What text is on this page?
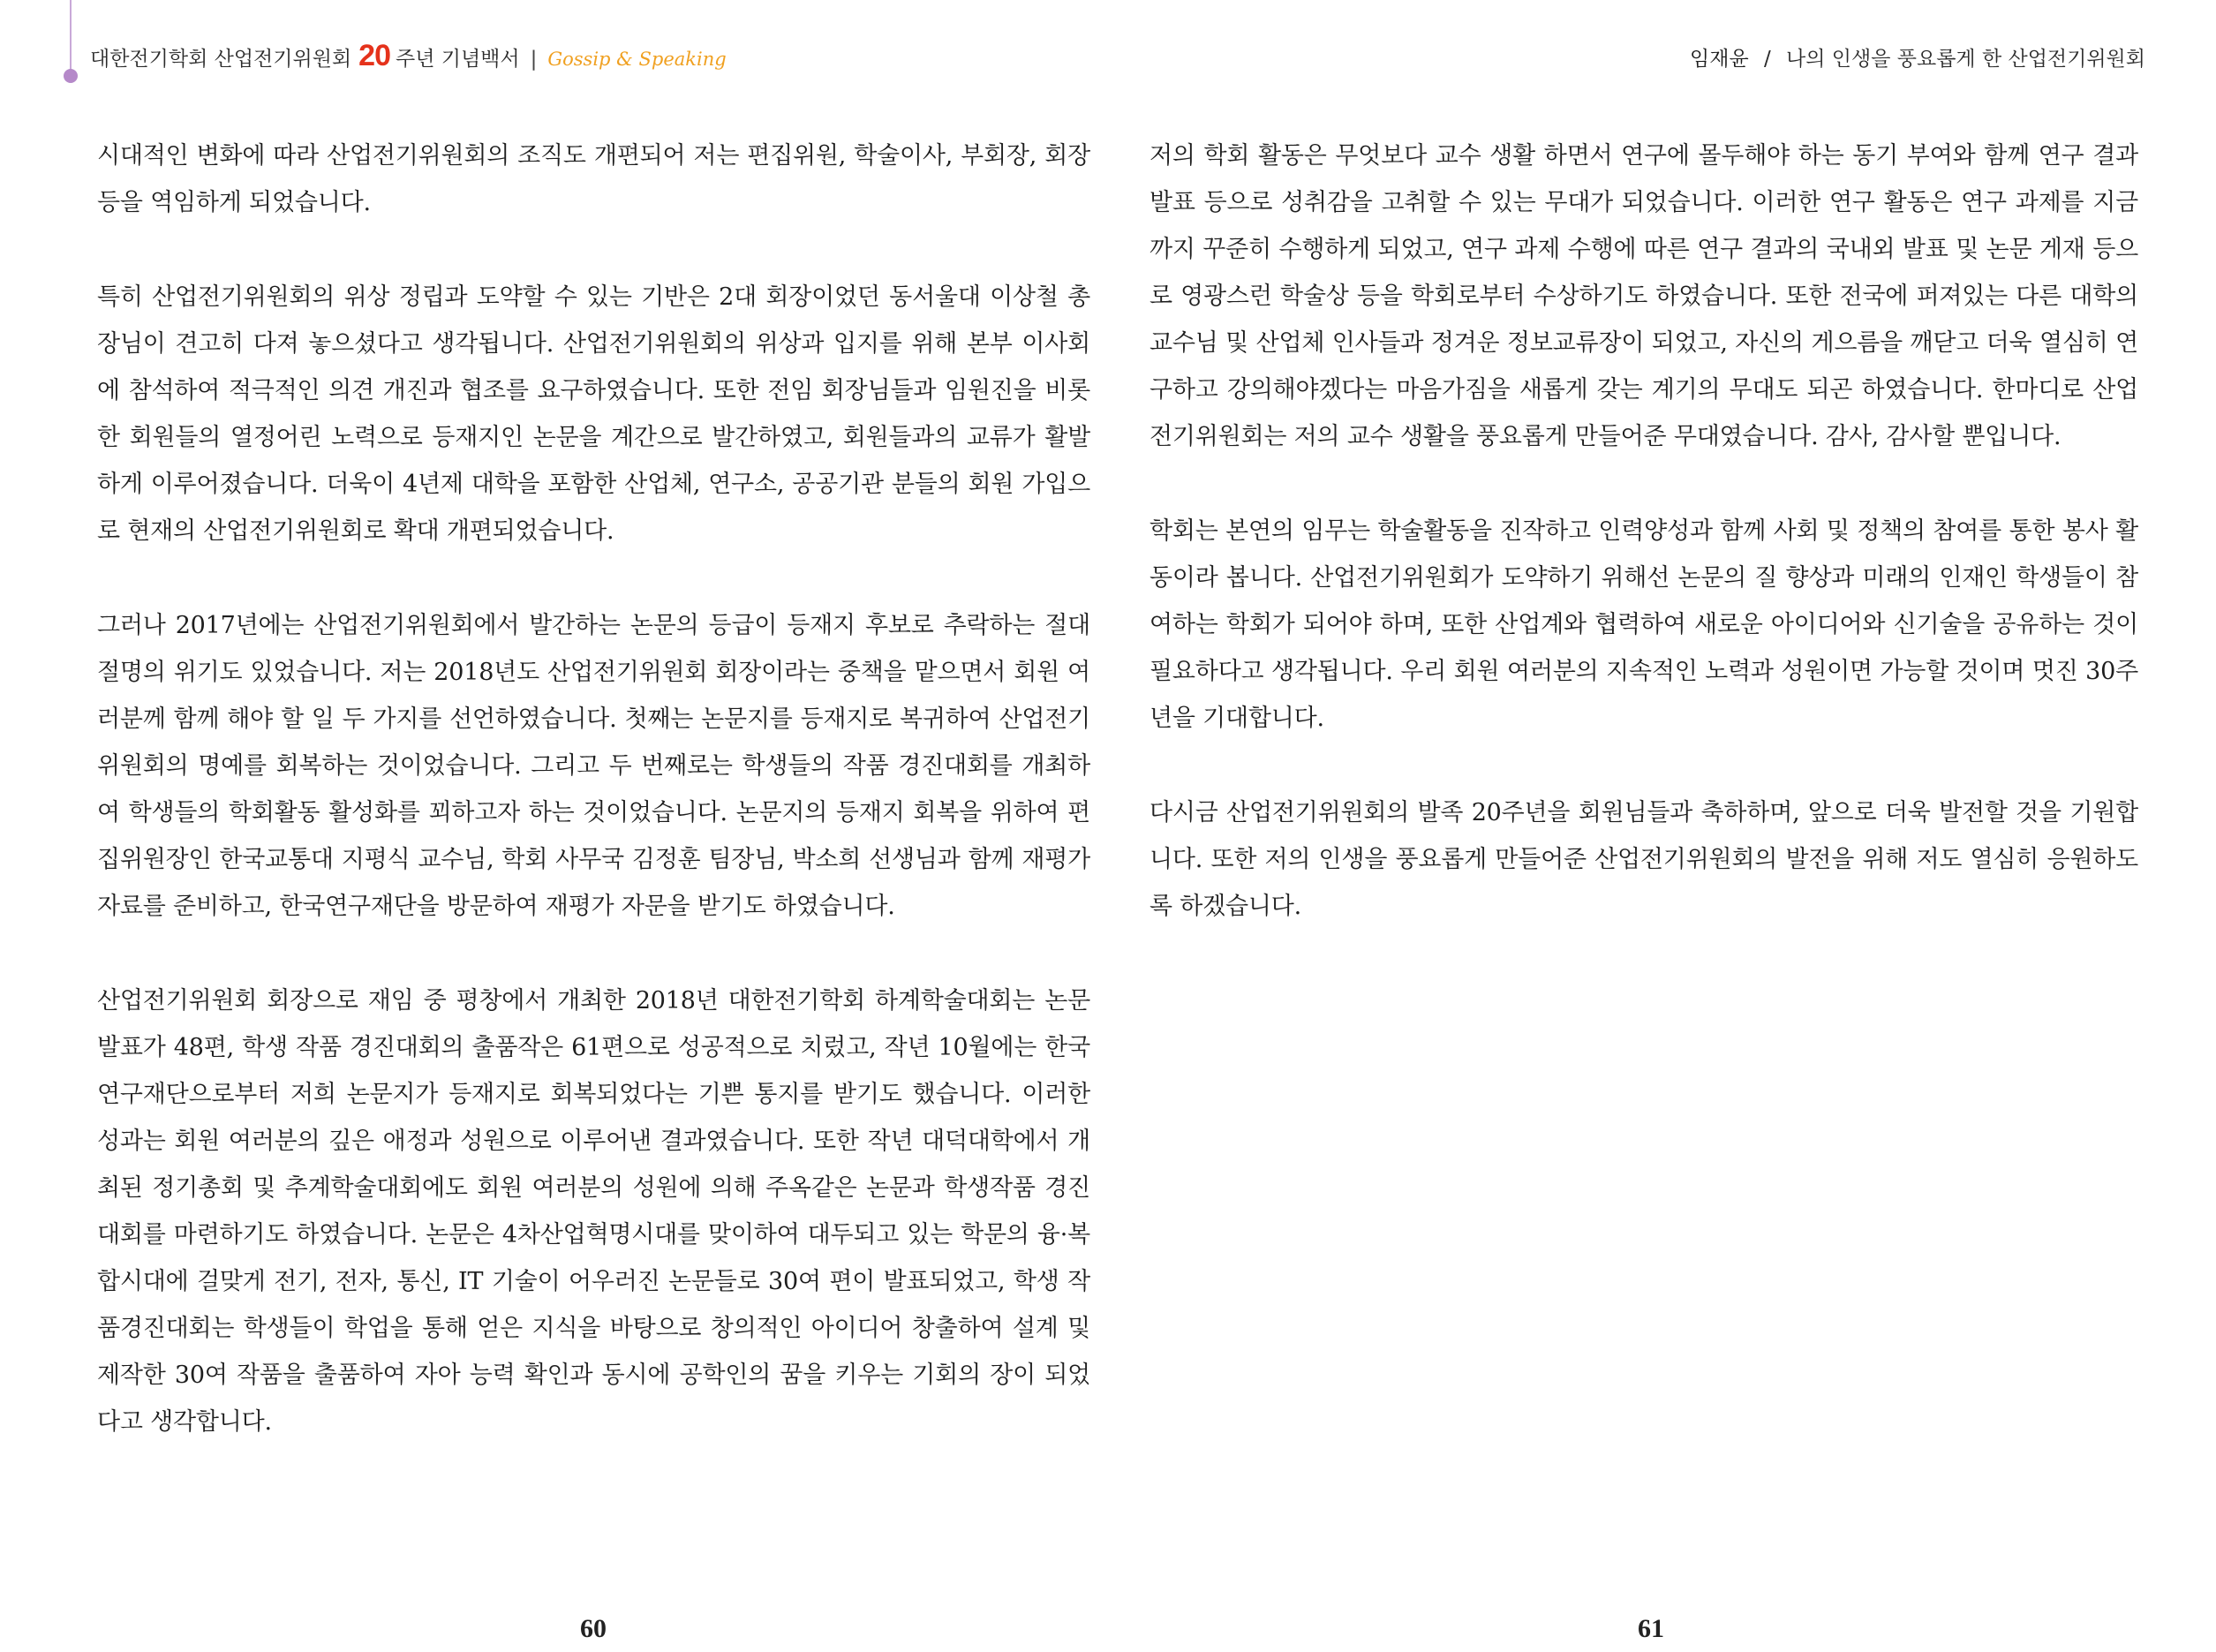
대한전기학회 산업전기위원회 20 주년 기념백서 | Gossip & Speaking

시대적인 변화에 따라 산업전기위원회의 조직도 개편되어 저는 편집위원, 학술이사, 부회장, 회장 등을 역임하게 되었습니다.

특히 산업전기위원회의 위상 정립과 도약할 수 있는 기반은 2대 회장이었던 동서울대 이상철 총장님이 견고히 다져 놓으셨다고 생각됩니다. 산업전기위원회의 위상과 입지를 위해 본부 이사회에 참석하여 적극적인 의견 개진과 협조를 요구하였습니다. 또한 전임 회장님들과 임원진을 비롯한 회원들의 열정어린 노력으로 등재지인 논문을 계간으로 발간하였고, 회원들과의 교류가 활발하게 이루어졌습니다. 더욱이 4년제 대학을 포함한 산업체, 연구소, 공공기관 분들의 회원 가입으로 현재의 산업전기위원회로 확대 개편되었습니다.

그러나 2017년에는 산업전기위원회에서 발간하는 논문의 등급이 등재지 후보로 추락하는 절대절명의 위기도 있었습니다. 저는 2018년도 산업전기위원회 회장이라는 중책을 맡으면서 회원 여러분께 함께 해야 할 일 두 가지를 선언하였습니다. 첫째는 논문지를 등재지로 복귀하여 산업전기위원회의 명예를 회복하는 것이었습니다. 그리고 두 번째로는 학생들의 작품 경진대회를 개최하여 학생들의 학회활동 활성화를 꾀하고자 하는 것이었습니다. 논문지의 등재지 회복을 위하여 편집위원장인 한국교통대 지평식 교수님, 학회 사무국 김정훈 팀장님, 박소희 선생님과 함께 재평가 자료를 준비하고, 한국연구재단을 방문하여 재평가 자문을 받기도 하였습니다.

산업전기위원회 회장으로 재임 중 평창에서 개최한 2018년 대한전기학회 하계학술대회는 논문 발표가 48편, 학생 작품 경진대회의 출품작은 61편으로 성공적으로 치렀고, 작년 10월에는 한국연구재단으로부터 저희 논문지가 등재지로 회복되었다는 기쁜 통지를 받기도 했습니다. 이러한 성과는 회원 여러분의 깊은 애정과 성원으로 이루어낸 결과였습니다. 또한 작년 대덕대학에서 개최된 정기총회 및 추계학술대회에도 회원 여러분의 성원에 의해 주옥같은 논문과 학생작품 경진대회를 마련하기도 하였습니다. 논문은 4차산업혁명시대를 맞이하여 대두되고 있는 학문의 융·복합시대에 걸맞게 전기, 전자, 통신, IT 기술이 어우러진 논문들로 30여 편이 발표되었고, 학생 작품경진대회는 학생들이 학업을 통해 얻은 지식을 바탕으로 창의적인 아이디어 창출하여 설계 및 제작한 30여 작품을 출품하여 자아 능력 확인과 동시에 공학인의 꿈을 키우는 기회의 장이 되었다고 생각합니다.

60
임재윤 / 나의 인생을 풍요롭게 한 산업전기위원회

저의 학회 활동은 무엇보다 교수 생활 하면서 연구에 몰두해야 하는 동기 부여와 함께 연구 결과 발표 등으로 성취감을 고취할 수 있는 무대가 되었습니다. 이러한 연구 활동은 연구 과제를 지금까지 꾸준히 수행하게 되었고, 연구 과제 수행에 따른 연구 결과의 국내외 발표 및 논문 게재 등으로 영광스런 학술상 등을 학회로부터 수상하기도 하였습니다. 또한 전국에 퍼져있는 다른 대학의 교수님 및 산업체 인사들과 정겨운 정보교류장이 되었고, 자신의 게으름을 깨닫고 더욱 열심히 연구하고 강의해야겠다는 마음가짐을 새롭게 갖는 계기의 무대도 되곤 하였습니다. 한마디로 산업전기위원회는 저의 교수 생활을 풍요롭게 만들어준 무대였습니다. 감사, 감사할 뿐입니다.

학회는 본연의 임무는 학술활동을 진작하고 인력양성과 함께 사회 및 정책의 참여를 통한 봉사 활동이라 봅니다. 산업전기위원회가 도약하기 위해선 논문의 질 향상과 미래의 인재인 학생들이 참여하는 학회가 되어야 하며, 또한 산업계와 협력하여 새로운 아이디어와 신기술을 공유하는 것이 필요하다고 생각됩니다. 우리 회원 여러분의 지속적인 노력과 성원이면 가능할 것이며 멋진 30주년을 기대합니다.

다시금 산업전기위원회의 발족 20주년을 회원님들과 축하하며, 앞으로 더욱 발전할 것을 기원합니다. 또한 저의 인생을 풍요롭게 만들어준 산업전기위원회의 발전을 위해 저도 열심히 응원하도록 하겠습니다.

61
